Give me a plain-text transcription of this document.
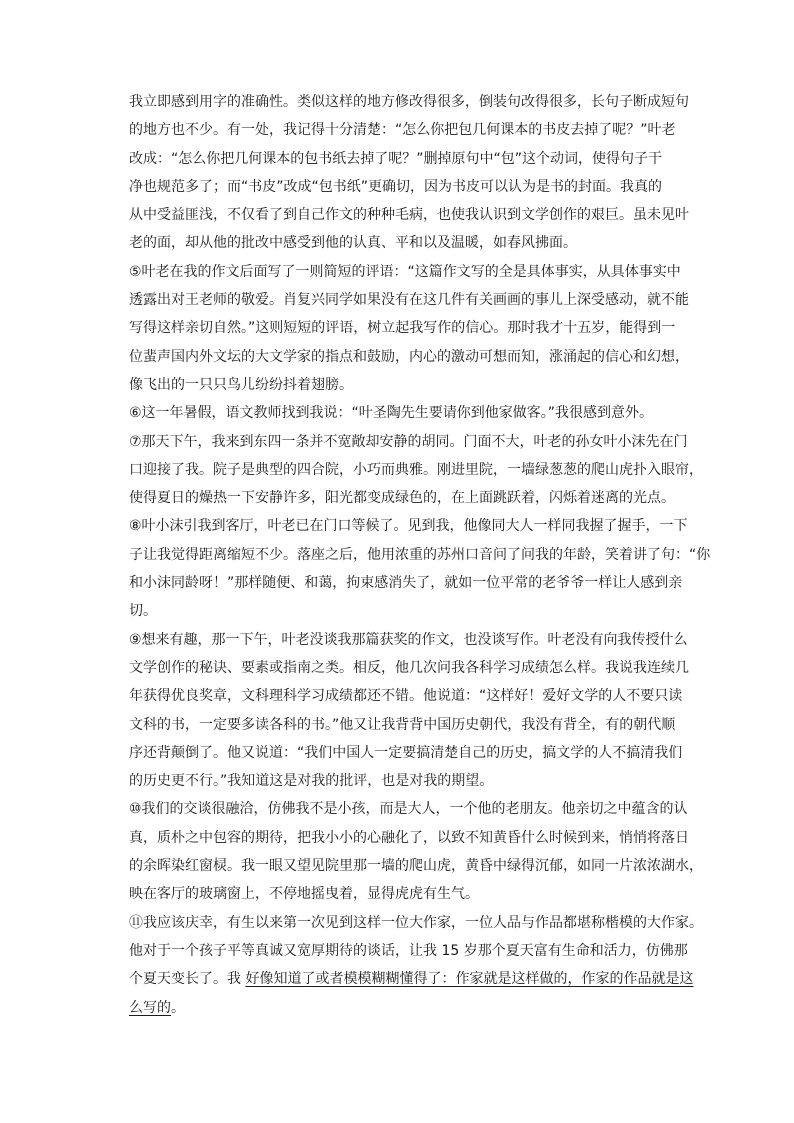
我立即感到用字的准确性。类似这样的地方修改得很多，倒装句改得很多，长句子断成短句
的地方也不少。有一处，我记得十分清楚：“怎么你把包几何课本的书皮去掉了呢？”叶老
改成：“怎么你把几何课本的包书纸去掉了呢？”删掉原句中“包”这个动词，使得句子干
净也规范多了；而“书皮”改成“包书纸”更确切，因为书皮可以认为是书的封面。我真的
从中受益匪浅，不仅看了到自己作文的种种毛病，也使我认识到文学创作的艰巨。虽未见叶
老的面，却从他的批改中感受到他的认真、平和以及温暖，如春风拂面。
⑤叶老在我的作文后面写了一则简短的评语：“这篇作文写的全是具体事实，从具体事实中
透露出对王老师的敬爱。肖复兴同学如果没有在这几件有关画画的事儿上深受感动，就不能
写得这样亲切自然。”这则短短的评语，树立起我写作的信心。那时我才十五岁，能得到一
位蜚声国内外文坛的大文学家的指点和鼓励，内心的激动可想而知，涨涌起的信心和幻想，
像飞出的一只只鸟儿纷纷抖着翅膀。
⑥这一年暑假，语文教师找到我说：“叶圣陶先生要请你到他家做客。”我很感到意外。
⑦那天下午，我来到东四一条并不宽敞却安静的胡同。门面不大，叶老的孙女叶小沫先在门
口迎接了我。院子是典型的四合院，小巧而典雅。刚进里院，一墙绿葱葱的爬山虎扑入眼帘，
使得夏日的燥热一下安静许多，阳光都变成绿色的，在上面跳跃着，闪烁着迷离的光点。
⑧叶小沫引我到客厅，叶老已在门口等候了。见到我，他像同大人一样同我握了握手，一下
子让我觉得距离缩短不少。落座之后，他用浓重的苏州口音问了问我的年龄，笑着讲了句：“你
和小沫同龄呀！”那样随便、和蔼，拘束感消失了，就如一位平常的老爷爷一样让人感到亲
切。
⑨想来有趣，那一下午，叶老没谈我那篇获奖的作文，也没谈写作。叶老没有向我传授什么
文学创作的秘诀、要素或指南之类。相反，他几次问我各科学习成绩怎么样。我说我连续几
年获得优良奖章，文科理科学习成绩都还不错。他说道：“这样好！爱好文学的人不要只读
文科的书，一定要多读各科的书。”他又让我背背中国历史朝代，我没有背全，有的朝代顺
序还背颠倒了。他又说道：“我们中国人一定要搞清楚自己的历史，搞文学的人不搞清我们
的历史更不行。”我知道这是对我的批评，也是对我的期望。
⑩我们的交谈很融洽，仿佛我不是小孩，而是大人，一个他的老朋友。他亲切之中蕴含的认
真，质朴之中包容的期待，把我小小的心融化了，以致不知黄昏什么时候到来，悄悄将落日
的余晖染红窗棂。我一眼又望见院里那一墙的爬山虎，黄昏中绿得沉郁，如同一片浓浓湖水，
映在客厅的玻璃窗上，不停地摇曳着，显得虎虎有生气。
⑪我应该庆幸，有生以来第一次见到这样一位大作家，一位人品与作品都堪称楷模的大作家。
他对于一个孩子平等真诚又宽厚期待的谈话，让我 15 岁那个夏天富有生命和活力，仿佛那
个夏天变长了。我 好像知道了或者模模糊糊懂得了：作家就是这样做的，作家的作品就是这
么写的。
